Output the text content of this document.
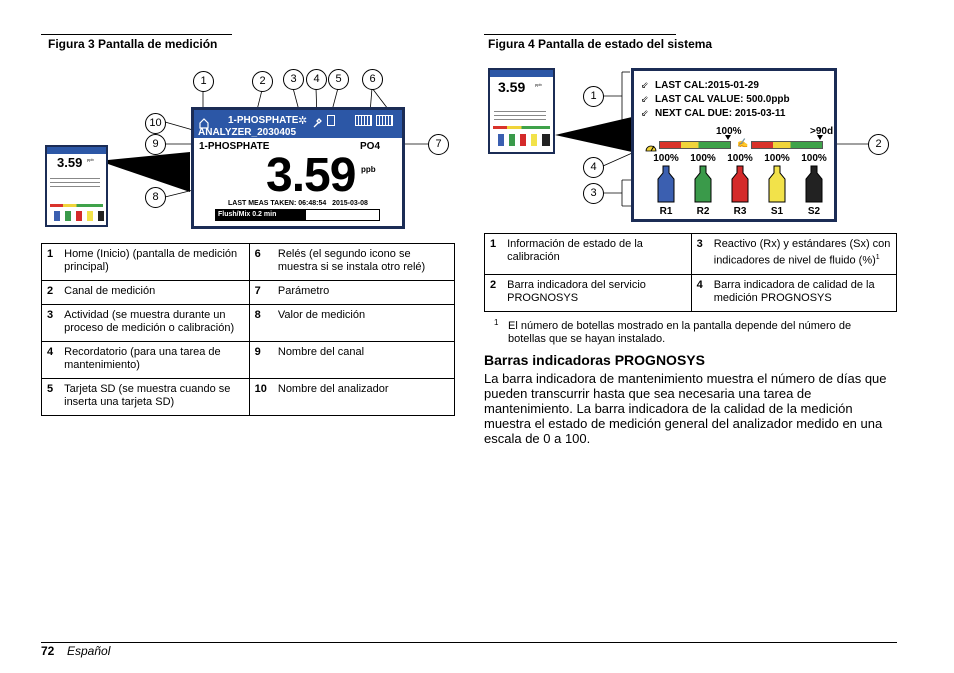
Figura 3 Pantalla de medición
3.59 ppb
1-PHOSPHATE
ANALYZER_2030405
✲
1-PHOSPHATE	PO4
3.59 ppb
LAST MEAS TAKEN: 06:48:54   2015-03-08
Flush/Mix 0.2 min
1	2	3	4	5	6
10
9	7
8
1	Home (Inicio) (pantalla de medición principal)	6	Relés (el segundo icono se muestra si se instala otro relé)
2	Canal de medición	7	Parámetro
3	Actividad (se muestra durante un proceso de medición o calibración)	8	Valor de medición
4	Recordatorio (para una tarea de mantenimiento)	9	Nombre del canal
5	Tarjeta SD (se muestra cuando se inserta una tarjeta SD)	10	Nombre del analizador
Figura 4 Pantalla de estado del sistema
3.59 ppb	⇙ LAST CAL:2015-01-29
⇙ LAST CAL VALUE: 500.0ppb
⇙ NEXT CAL DUE: 2015-03-11
100%	>90d
✍
100%
R1
100%
R2
100%
R3
100%
S1
100%
S2
1
2
4
3
1	Información de estado de la calibración	3	Reactivo (Rx) y estándares (Sx) con indicadores de nivel de fluido (%)$^1$
2	Barra indicadora del servicio PROGNOSYS	4	Barra indicadora de calidad de la medición PROGNOSYS
1 El número de botellas mostrado en la pantalla depende del número de botellas que se hayan instalado.
Barras indicadoras PROGNOSYS
La barra indicadora de mantenimiento muestra el número de días que pueden transcurrir hasta que sea necesaria una tarea de mantenimiento. La barra indicadora de la calidad de la medición muestra el estado de medición general del analizador medido en una escala de 0 a 100.
72 Español
